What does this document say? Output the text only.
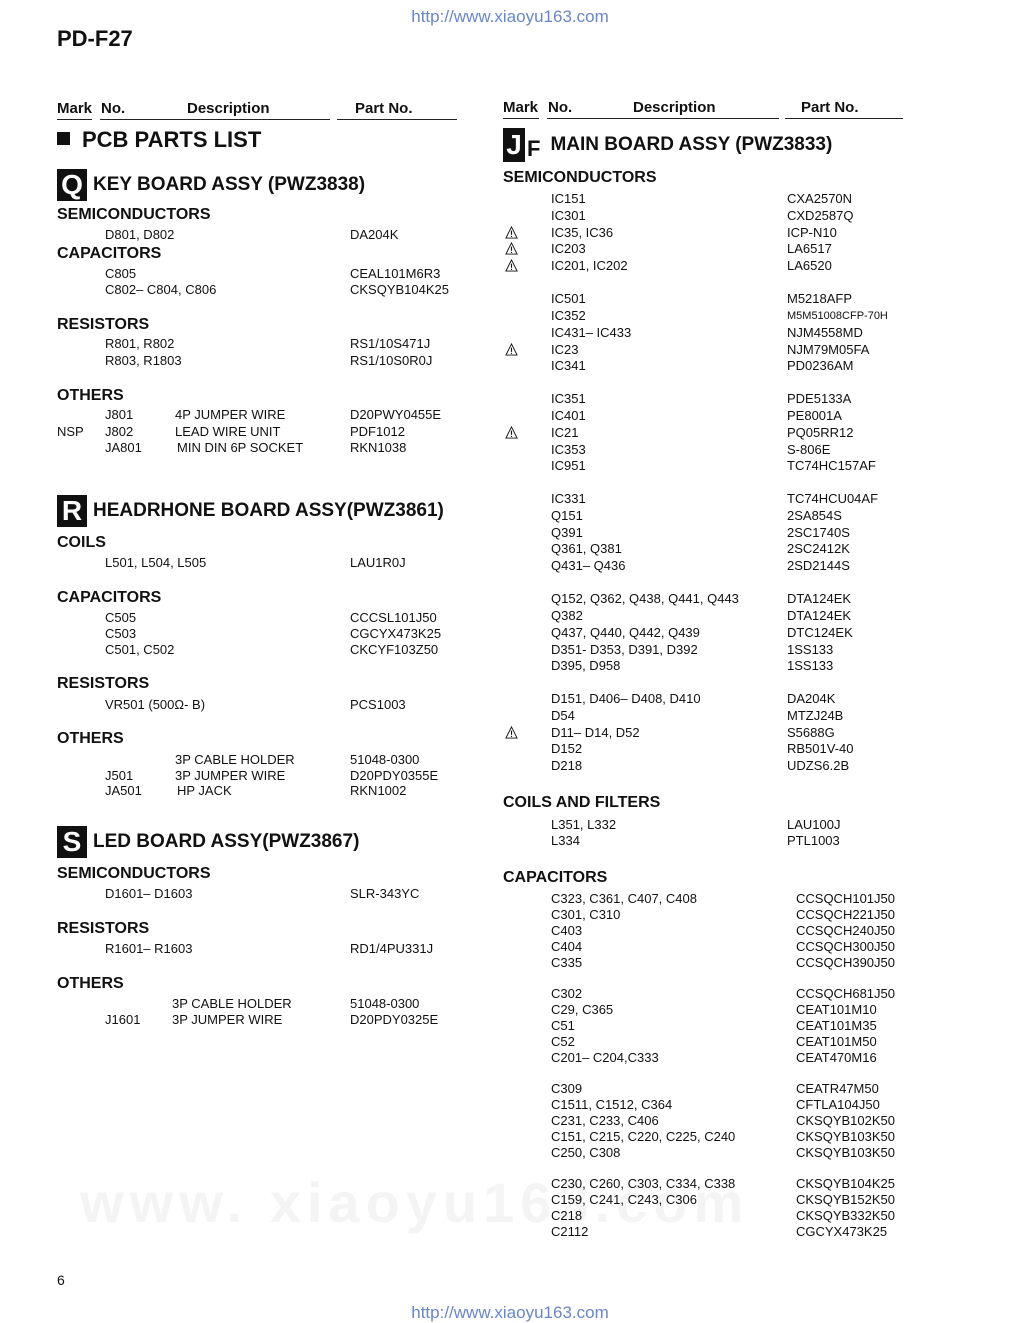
http://www.xiaoyu163.com
http://www.xiaoyu163.com
PD-F27
Mark No.	Description	Part No.	Mark No.	Description	Part No.
PCB PARTS LIST
Q KEY BOARD ASSY (PWZ3838)
SEMICONDUCTORS
D801, D802	DA204K
CAPACITORS
C805	CEAL101M6R3
C802– C804, C806	CKSQYB104K25
RESISTORS
R801, R802	RS1/10S471J
R803, R1803	RS1/10S0R0J
OTHERS
J801	4P JUMPER WIRE	D20PWY0455E
NSP J802	LEAD WIRE UNIT	PDF1012
JA801	MIN DIN 6P SOCKET	RKN1038
R HEADRHONE BOARD ASSY(PWZ3861)
COILS
L501, L504, L505	LAU1R0J
CAPACITORS
C505	CCCSL101J50
C503	CGCYX473K25
C501, C502	CKCYF103Z50
RESISTORS
VR501 (500Ω- B)	PCS1003
OTHERS
3P CABLE HOLDER	51048-0300
J501	3P JUMPER WIRE	D20PDY0355E
JA501	HP JACK	RKN1002
S LED BOARD ASSY(PWZ3867)
SEMICONDUCTORS
D1601– D1603	SLR-343YC
RESISTORS
R1601– R1603	RD1/4PU331J
OTHERS
3P CABLE HOLDER	51048-0300
J1601 3P JUMPER WIRE	D20PDY0325E
J F MAIN BOARD ASSY (PWZ3833)
SEMICONDUCTORS
IC151	CXA2570N
IC301	CXD2587Q
IC35, IC36	ICP-N10
IC203	LA6517
IC201, IC202	LA6520
IC501	M5218AFP
IC352	M5M51008CFP-70H
IC431– IC433	NJM4558MD
IC23	NJM79M05FA
IC341	PD0236AM
IC351	PDE5133A
IC401	PE8001A
IC21	PQ05RR12
IC353	S-806E
IC951	TC74HC157AF
IC331	TC74HCU04AF
Q151	2SA854S
Q391	2SC1740S
Q361, Q381	2SC2412K
Q431– Q436	2SD2144S
Q152, Q362, Q438, Q441, Q443	DTA124EK
Q382	DTA124EK
Q437, Q440, Q442, Q439	DTC124EK
D351- D353, D391, D392	1SS133
D395, D958	1SS133
D151, D406– D408, D410	DA204K
D54	MTZJ24B
D11– D14, D52	S5688G
D152	RB501V-40
D218	UDZS6.2B
COILS AND FILTERS
L351, L332	LAU100J
L334	PTL1003
CAPACITORS
C323, C361, C407, C408	CCSQCH101J50
C301, C310	CCSQCH221J50
C403	CCSQCH240J50
C404	CCSQCH300J50
C335	CCSQCH390J50
C302	CCSQCH681J50
C29, C365	CEAT101M10
C51	CEAT101M35
C52	CEAT101M50
C201– C204,C333	CEAT470M16
C309	CEATR47M50
C1511, C1512, C364	CFTLA104J50
C231, C233, C406	CKSQYB102K50
C151, C215, C220, C225, C240	CKSQYB103K50
C250, C308	CKSQYB103K50
C230, C260, C303, C334, C338	CKSQYB104K25
C159, C241, C243, C306	CKSQYB152K50
C218	CKSQYB332K50
C2112	CGCYX473K25
6
